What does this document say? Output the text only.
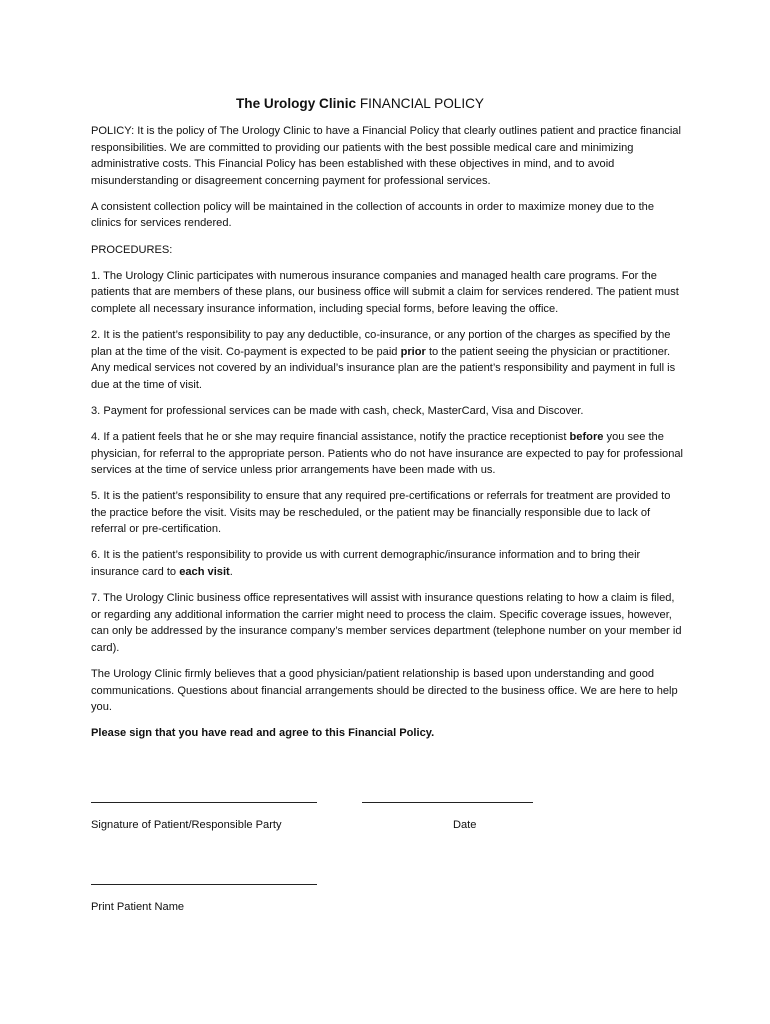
The Urology Clinic FINANCIAL POLICY

POLICY: It is the policy of The Urology Clinic to have a Financial Policy that clearly outlines patient and practice financial responsibilities. We are committed to providing our patients with the best possible medical care and minimizing administrative costs. This Financial Policy has been established with these objectives in mind, and to avoid misunderstanding or disagreement concerning payment for professional services.

A consistent collection policy will be maintained in the collection of accounts in order to maximize money due to the clinics for services rendered.

PROCEDURES:

1. The Urology Clinic participates with numerous insurance companies and managed health care programs. For the patients that are members of these plans, our business office will submit a claim for services rendered. The patient must complete all necessary insurance information, including special forms, before leaving the office.

2. It is the patient’s responsibility to pay any deductible, co-insurance, or any portion of the charges as specified by the plan at the time of the visit. Co-payment is expected to be paid prior to the patient seeing the physician or practitioner. Any medical services not covered by an individual’s insurance plan are the patient’s responsibility and payment in full is due at the time of visit.

3. Payment for professional services can be made with cash, check, MasterCard, Visa and Discover.

4. If a patient feels that he or she may require financial assistance, notify the practice receptionist before you see the physician, for referral to the appropriate person. Patients who do not have insurance are expected to pay for professional services at the time of service unless prior arrangements have been made with us.

5. It is the patient’s responsibility to ensure that any required pre-certifications or referrals for treatment are provided to the practice before the visit. Visits may be rescheduled, or the patient may be financially responsible due to lack of referral or pre-certification.

6. It is the patient’s responsibility to provide us with current demographic/insurance information and to bring their insurance card to each visit.

7. The Urology Clinic business office representatives will assist with insurance questions relating to how a claim is filed, or regarding any additional information the carrier might need to process the claim. Specific coverage issues, however, can only be addressed by the insurance company’s member services department (telephone number on your member id card).

The Urology Clinic firmly believes that a good physician/patient relationship is based upon understanding and good communications. Questions about financial arrangements should be directed to the business office. We are here to help you.

Please sign that you have read and agree to this Financial Policy.

Signature of Patient/Responsible Party	Date
Print Patient Name
